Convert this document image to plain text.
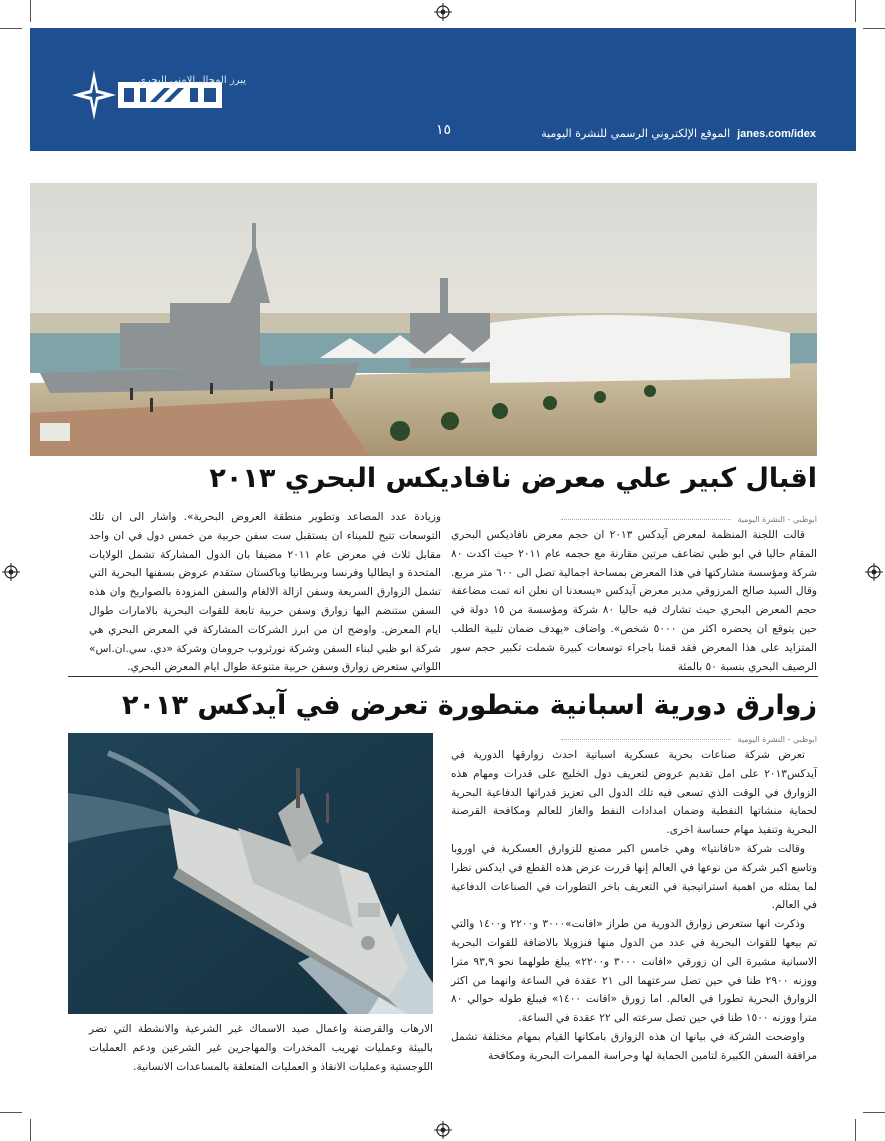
يبرز المجال الامني البحري
١٥	janes.com/idex  الموقع الإلكتروني الرسمي للنشرة اليومية
اقبال كبير علي معرض نافاديكس البحري ٢٠١٣
ابوظبي - النشرة اليومية

قالت اللجنة المنظمة لمعرض آيدكس ٢٠١٣ ان حجم معرض نافاديكس البحري المقام حاليا في ابو ظبي تضاعف مرتين مقارنة مع حجمه عام ٢٠١١ حيث اكدت ٨٠ شركة ومؤسسة مشاركتها في هذا المعرض بمساحة اجمالية تصل الى ٦٠٠ متر مربع. وقال السيد صالح المرزوقي مدير معرض آيدكس «يسعدنا ان نعلن انه تمت مضاعفة حجم المعرض البحري حيث تشارك فيه حاليا ٨٠ شركة ومؤسسة من ١٥ دولة في حين يتوقع ان يحضره اكثر من ٥٠٠٠ شخص». واضاف «يهدف ضمان تلبية الطلب المتزايد على هذا المعرض فقد قمنا باجراء توسعات كبيرة شملت تكبير حجم سور الرصيف البحري بنسبة ٥٠ بالمئة

وزيادة عدد المصاعد وتطوير منطقة العروض البحرية». واشار الى ان تلك التوسعات تتيح للميناء ان يستقبل ست سفن حربية من خمس دول في ان واحد مقابل ثلاث في معرض عام ٢٠١١ مضيفا بان الدول المشاركة تشمل الولايات المتحدة و ايطاليا وفرنسا وبريطانيا وباكستان ستقدم عروض بسفنها البحرية التي تشمل الزوارق السريعة وسفن ازالة الالغام والسفن المزودة بالصواريخ وان هذه السفن ستنضم اليها زوارق وسفن حربية تابعة للقوات البحرية بالامارات طوال ايام المعرض. واوضح ان من ابرز الشركات المشاركة في المعرض البحري هي شركة ابو ظبي لبناء السفن وشركة نورثروب جرومان وشركة «دي. سي.ان.اس» اللواتي ستعرض زوارق وسفن حربية متنوعة طوال ايام المعرض البحري.

زوارق دورية اسبانية متطورة تعرض في آيدكس ٢٠١٣
ابوظبي - النشرة اليومية

تعرض شركة صناعات بحرية عسكرية اسبانية احدث زوارقها الدورية في آيدكس٢٠١٣ على امل تقديم عروض لتعريف دول الخليج على قدرات ومهام هذه الزوارق في الوقت الذي تسعى فيه تلك الدول الى تعزيز قدراتها الدفاعية البحرية لحماية منشاتها النفطية وضمان امدادات النفط والغاز للعالم ومكافحة القرصنة البحرية وتنفيذ مهام حساسة اخرى.

وقالت شركة «نافانتيا» وهي خامس اكبر مصنع للزوارق العسكرية في اوروبا وتاسع اكبر شركة من نوعها في العالم إنها قررت عرض هذه القطع في ايدكس نظرا لما يمثله من اهمية استراتيجية في التعريف باخر التطورات في الصناعات الدفاعية في العالم.

وذكرت انها ستعرض زوارق الدورية من طراز «افانت»٣٠٠٠ و٢٢٠٠ و١٤٠٠ والتي تم بيعها للقوات البحرية في عدد من الدول منها فنزويلا بالاضافة للقوات البحرية الاسبانية مشيرة الى ان زورقي «افانت ٣٠٠٠ و٢٢٠٠» يبلغ طولهما نحو ٩٣,٩ مترا ووزنه ٢٩٠٠ طنا في حين تصل سرعتهما الى ٢١ عقدة في الساعة وانهما من اكثر الزوارق البحرية تطورا في العالم. اما زورق «افانت ١٤٠٠» فيبلغ طوله حوالي ٨٠ مترا ووزنه ١٥٠٠ طنا في حين تصل سرعته الى ٢٢ عقدة في الساعة.

واوضحت الشركة في بيانها ان هذه الزوارق بامكانها القيام بمهام مختلفة تشمل مرافقة السفن الكبيرة لتامين الحماية لها وحراسة الممرات البحرية ومكافحة

الارهاب والقرصنة واعمال صيد الاسماك غير الشرعية والانشطة التي تضر بالبيئة وعمليات تهريب المخدرات والمهاجرين غير الشرعين ودعم العمليات اللوجستية وعمليات الانقاذ و العمليات المتعلقة بالمساعدات الانسانية.
